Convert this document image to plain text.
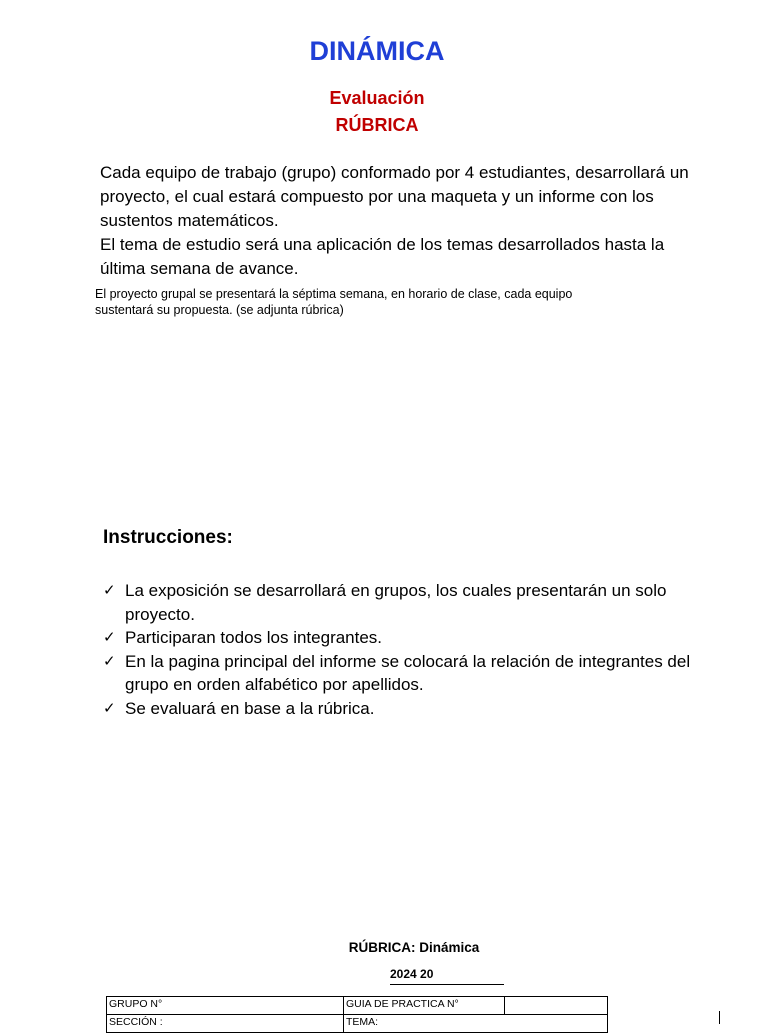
DINÁMICA
Evaluación
RÚBRICA

Cada equipo de trabajo (grupo) conformado por 4 estudiantes, desarrollará un proyecto, el cual estará compuesto por una maqueta y un informe con los sustentos matemáticos.

El tema de estudio será una aplicación de los temas desarrollados hasta la última semana de avance.

El proyecto grupal se presentará la séptima semana, en horario de clase, cada equipo sustentará su propuesta. (se adjunta rúbrica)
Instrucciones:
✓ La exposición se desarrollará en grupos, los cuales presentarán un solo proyecto.
✓ Participaran todos los integrantes.
✓ En la pagina principal del informe se colocará la relación de integrantes del grupo en orden alfabético por apellidos.
✓ Se evaluará en base a la rúbrica.
RÚBRICA: Dinámica
2024 20
GRUPO N°	GUIA DE PRACTICA N°	
SECCIÓN :	TEMA:	
